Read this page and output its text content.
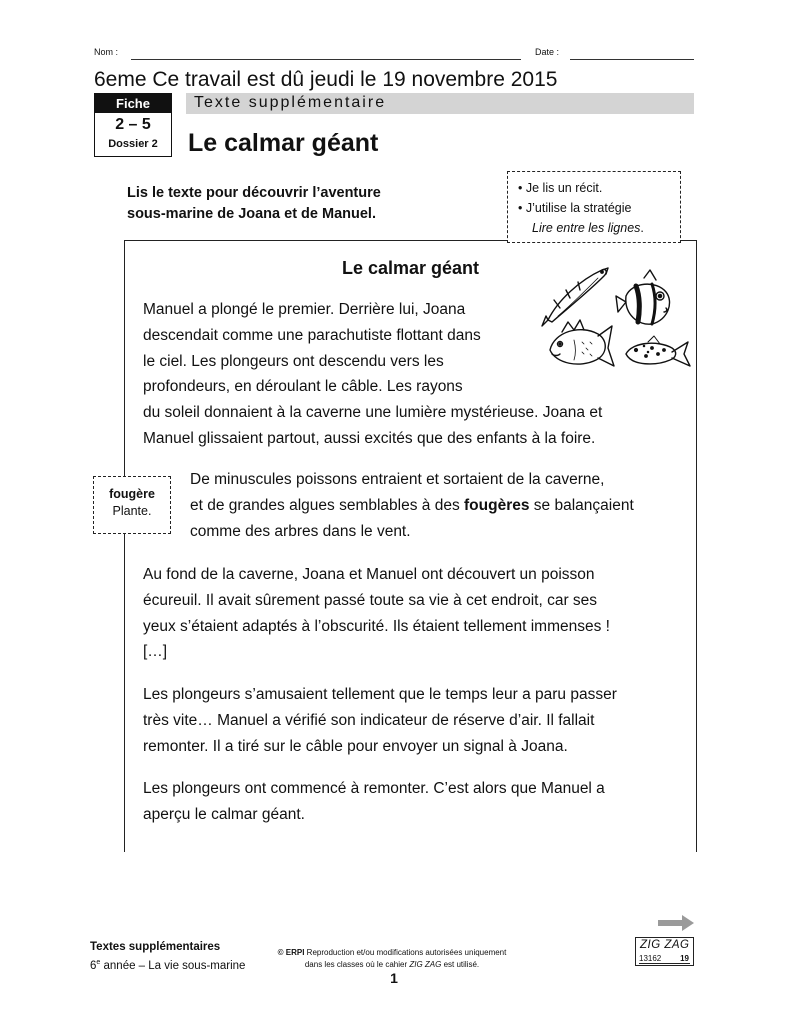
Nom :	Date :
6eme Ce travail est dû jeudi le 19 novembre 2015
Fiche
2 – 5
Dossier 2
Texte supplémentaire
Le calmar géant
Lis le texte pour découvrir l’aventure
sous-marine de Joana et de Manuel.
• Je lis un récit.
• J’utilise la stratégie
Lire entre les lignes.
Le calmar géant
Manuel a plongé le premier. Derrière lui, Joana
descendait comme une parachutiste flottant dans
le ciel. Les plongeurs ont descendu vers les
profondeurs, en déroulant le câble. Les rayons
du soleil donnaient à la caverne une lumière mystérieuse. Joana et
Manuel glissaient partout, aussi excités que des enfants à la foire.
De minuscules poissons entraient et sortaient de la caverne,
et de grandes algues semblables à des fougères se balançaient
comme des arbres dans le vent.
fougère
Plante.
Au fond de la caverne, Joana et Manuel ont découvert un poisson
écureuil. Il avait sûrement passé toute sa vie à cet endroit, car ses
yeux s’étaient adaptés à l’obscurité. Ils étaient tellement immenses !
[…]
Les plongeurs s’amusaient tellement que le temps leur a paru passer
très vite… Manuel a vérifié son indicateur de réserve d’air. Il fallait
remonter. Il a tiré sur le câble pour envoyer un signal à Joana.
Les plongeurs ont commencé à remonter. C’est alors que Manuel a
aperçu le calmar géant.
Textes supplémentaires
6e année – La vie sous-marine
© ERPI Reproduction et/ou modifications autorisées uniquement
dans les classes où le cahier ZIG ZAG est utilisé.
1
ZIG ZAG
13162 19
